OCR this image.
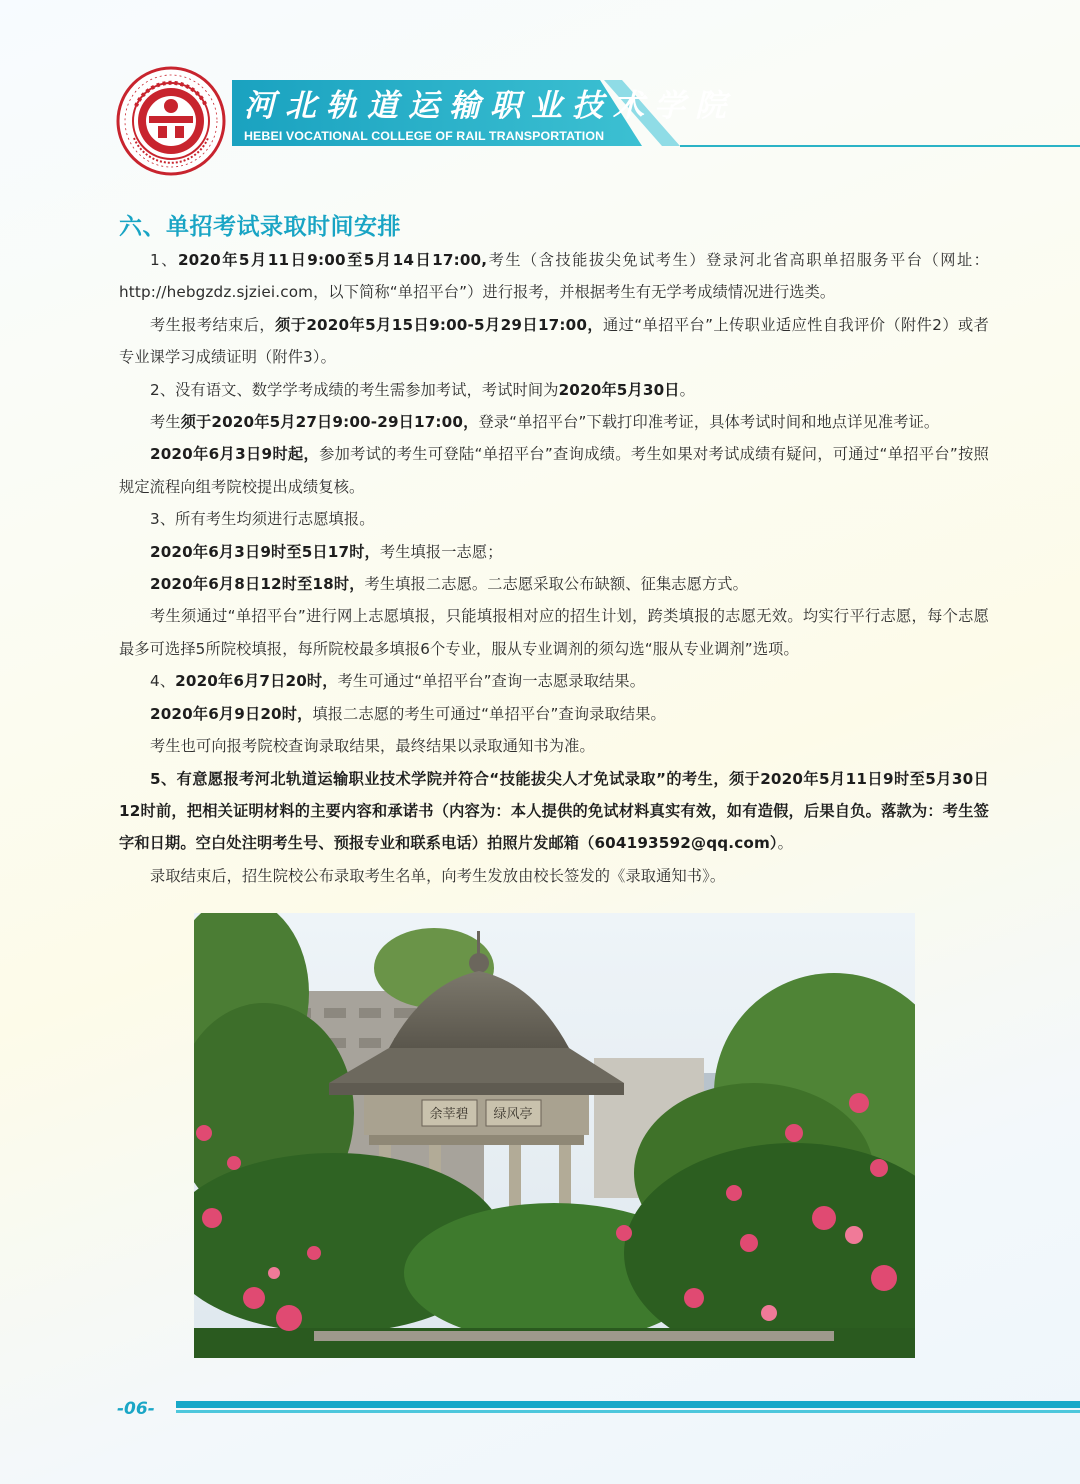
河北轨道运输职业技术学院
HEBEI VOCATIONAL COLLEGE OF RAIL TRANSPORTATION
六、单招考试录取时间安排

1、2020年5月11日9:00至5月14日17:00,考生（含技能拔尖免试考生）登录河北省高职单招服务平台（网址：http://hebgzdz.sjziei.com，以下简称“单招平台”）进行报考，并根据考生有无学考成绩情况进行选类。

考生报考结束后，须于2020年5月15日9:00-5月29日17:00，通过“单招平台”上传职业适应性自我评价（附件2）或者专业课学习成绩证明（附件3）。

2、没有语文、数学学考成绩的考生需参加考试，考试时间为2020年5月30日。

考生须于2020年5月27日9:00-29日17:00，登录“单招平台”下载打印准考证，具体考试时间和地点详见准考证。

2020年6月3日9时起，参加考试的考生可登陆“单招平台”查询成绩。考生如果对考试成绩有疑问，可通过“单招平台”按照规定流程向组考院校提出成绩复核。

3、所有考生均须进行志愿填报。

2020年6月3日9时至5日17时，考生填报一志愿；

2020年6月8日12时至18时，考生填报二志愿。二志愿采取公布缺额、征集志愿方式。

考生须通过“单招平台”进行网上志愿填报，只能填报相对应的招生计划，跨类填报的志愿无效。均实行平行志愿，每个志愿最多可选择5所院校填报，每所院校最多填报6个专业，服从专业调剂的须勾选“服从专业调剂”选项。

4、2020年6月7日20时，考生可通过“单招平台”查询一志愿录取结果。

2020年6月9日20时，填报二志愿的考生可通过“单招平台”查询录取结果。

考生也可向报考院校查询录取结果，最终结果以录取通知书为准。

5、有意愿报考河北轨道运输职业技术学院并符合“技能拔尖人才免试录取”的考生，须于2020年5月11日9时至5月30日12时前，把相关证明材料的主要内容和承诺书（内容为：本人提供的免试材料真实有效，如有造假，后果自负。落款为：考生签字和日期。空白处注明考生号、预报专业和联系电话）拍照片发邮箱（604193592@qq.com）。

录取结束后，招生院校公布录取考生名单，向考生发放由校长签发的《录取通知书》。

余莘碧 绿风亭
-06-
